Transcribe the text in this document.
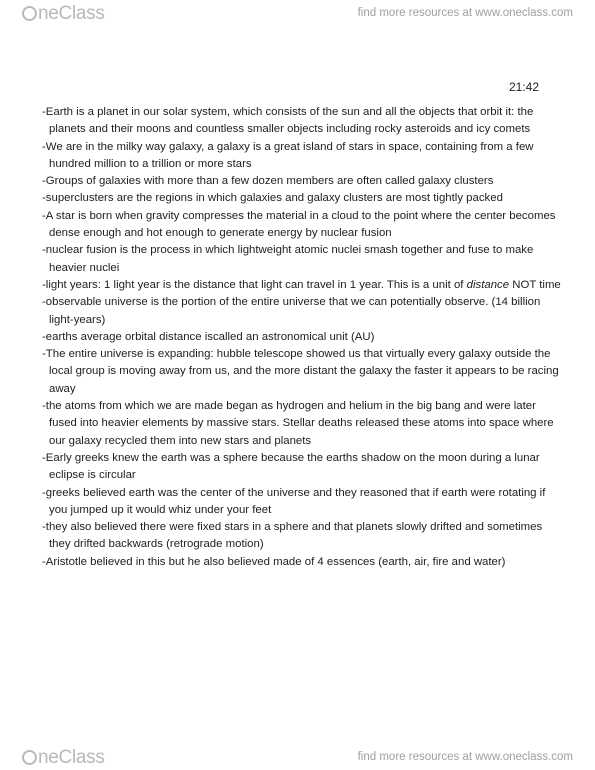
neClass	find more resources at www.oneclass.com
21:42

-Earth is a planet in our solar system, which consists of the sun and all the objects that orbit it: the planets and their moons and countless smaller objects including rocky asteroids and icy comets

-We are in the milky way galaxy, a galaxy is a great island of stars in space, containing from a few hundred million to a trillion or more stars

-Groups of galaxies with more than a few dozen members are often called galaxy clusters

-superclusters are the regions in which galaxies and galaxy clusters are most tightly packed

-A star is born when gravity compresses the material in a cloud to the point where the center becomes dense enough and hot enough to generate energy by nuclear fusion

-nuclear fusion is the process in which lightweight atomic nuclei smash together and fuse to make heavier nuclei

-light years: 1 light year is the distance that light can travel in 1 year. This is a unit of distance NOT time

-observable universe is the portion of the entire universe that we can potentially observe. (14 billion light-years)

-earths average orbital distance iscalled an astronomical unit (AU)

-The entire universe is expanding: hubble telescope showed us that virtually every galaxy outside the local group is moving away from us, and the more distant the galaxy the faster it appears to be racing away

-the atoms from which we are made began as hydrogen and helium in the big bang and were later fused into heavier elements by massive stars. Stellar deaths released these atoms into space where our galaxy recycled them into new stars and planets

-Early greeks knew the earth was a sphere because the earths shadow on the moon during a lunar eclipse is circular

-greeks believed earth was the center of the universe and they reasoned that if earth were rotating if you jumped up it would whiz under your feet

-they also believed there were fixed stars in a sphere and that planets slowly drifted and sometimes they drifted backwards (retrograde motion)

-Aristotle believed in this but he also believed made of 4 essences (earth, air, fire and water)

neClass	find more resources at www.oneclass.com
